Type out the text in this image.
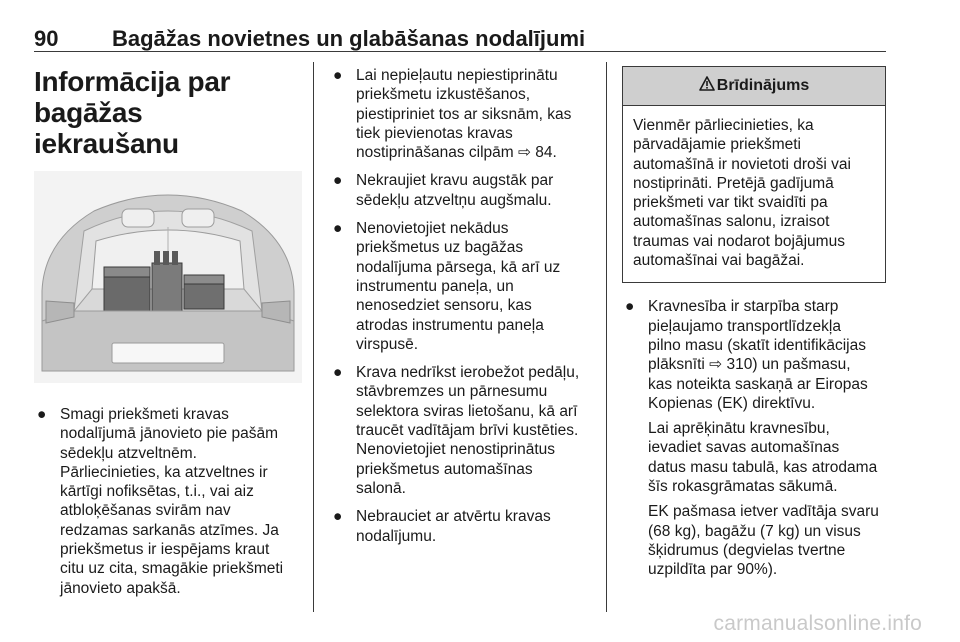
90 Bagāžas novietnes un glabāšanas nodalījumi
Informācija par bagāžas
iekraušanu
● Smagi priekšmeti kravas
nodalījumā jānovieto pie pašām
sēdekļu atzveltnēm.
Pārliecinieties, ka atzveltnes ir
kārtīgi nofiksētas, t.i., vai aiz
atbloķēšanas svirām nav
redzamas sarkanās atzīmes. Ja
priekšmetus ir iespējams kraut
citu uz cita, smagākie priekšmeti
jānovieto apakšā.
● Lai nepieļautu nepiestiprinātu
priekšmetu izkustēšanos,
piestipriniet tos ar siksnām, kas
tiek pievienotas kravas
nostiprināšanas cilpām ⇨ 84.
● Nekraujiet kravu augstāk par
sēdekļu atzveltņu augšmalu.
● Nenovietojiet nekādus
priekšmetus uz bagāžas
nodalījuma pārsega, kā arī uz
instrumentu paneļa, un
nenosedziet sensoru, kas
atrodas instrumentu paneļa
virspusē.
● Krava nedrīkst ierobežot pedāļu,
stāvbremzes un pārnesumu
selektora sviras lietošanu, kā arī
traucēt vadītājam brīvi kustēties.
Nenovietojiet nenostiprinātus
priekšmetus automašīnas
salonā.
● Nebrauciet ar atvērtu kravas
nodalījumu.
Brīdinājums
Vienmēr pārliecinieties, ka
pārvadājamie priekšmeti
automašīnā ir novietoti droši vai
nostiprināti. Pretējā gadījumā
priekšmeti var tikt svaidīti pa
automašīnas salonu, izraisot
traumas vai nodarot bojājumus
automašīnai vai bagāžai.
● Kravnesība ir starpība starp
pieļaujamo transportlīdzekļa
pilno masu (skatīt identifikācijas
plāksnīti ⇨ 310) un pašmasu,
kas noteikta saskaņā ar Eiropas
Kopienas (EK) direktīvu.
Lai aprēķinātu kravnesību,
ievadiet savas automašīnas
datus masu tabulā, kas atrodama
šīs rokasgrāmatas sākumā.
EK pašmasa ietver vadītāja svaru
(68 kg), bagāžu (7 kg) un visus
šķidrumus (degvielas tvertne
uzpildīta par 90%).
carmanualsonline.info
